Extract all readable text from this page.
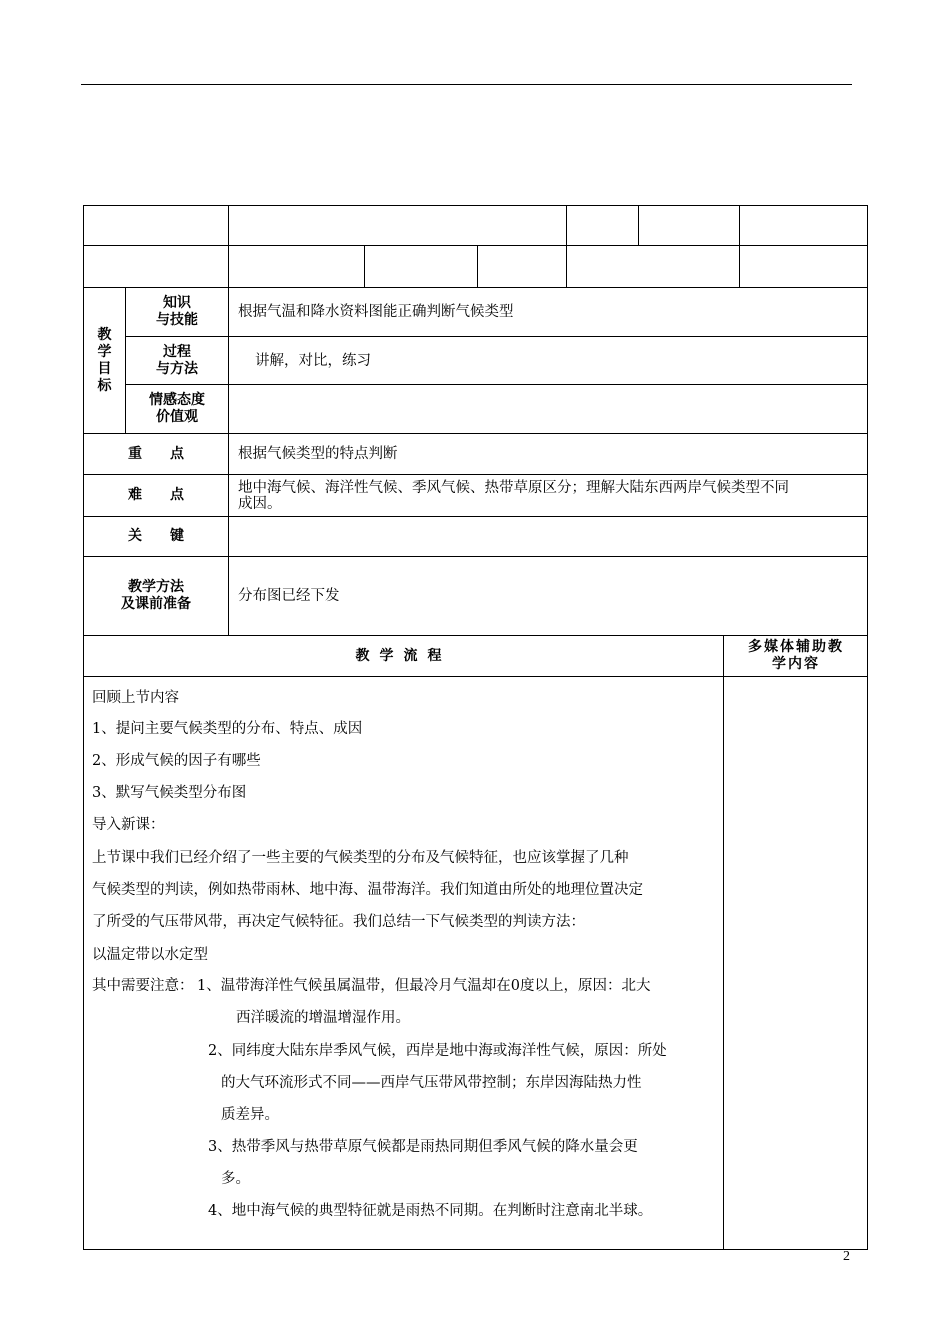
教学目标
知识
与技能	根据气温和降水资料图能正确判断气候类型
过程
与方法	讲解，对比，练习
情感态度
价值观
重　　点	根据气候类型的特点判断
难　　点	地中海气候、海洋性气候、季风气候、热带草原区分；理解大陆东西两岸气候类型不同
成因。
关　　键
教学方法
及课前准备	分布图已经下发
教学流程
多媒体辅助教
学内容
回顾上节内容
1、提问主要气候类型的分布、特点、成因
2、形成气候的因子有哪些
3、默写气候类型分布图
导入新课：
上节课中我们已经介绍了一些主要的气候类型的分布及气候特征，也应该掌握了几种
气候类型的判读，例如热带雨林、地中海、温带海洋。我们知道由所处的地理位置决定
了所受的气压带风带，再决定气候特征。我们总结一下气候类型的判读方法：
以温定带以水定型
其中需要注意： 1、温带海洋性气候虽属温带，但最冷月气温却在0度以上，原因：北大
西洋暖流的增温增湿作用。
2、同纬度大陆东岸季风气候，西岸是地中海或海洋性气候，原因：所处
的大气环流形式不同——西岸气压带风带控制；东岸因海陆热力性
质差异。
3、热带季风与热带草原气候都是雨热同期但季风气候的降水量会更
多。
4、地中海气候的典型特征就是雨热不同期。在判断时注意南北半球。
2
